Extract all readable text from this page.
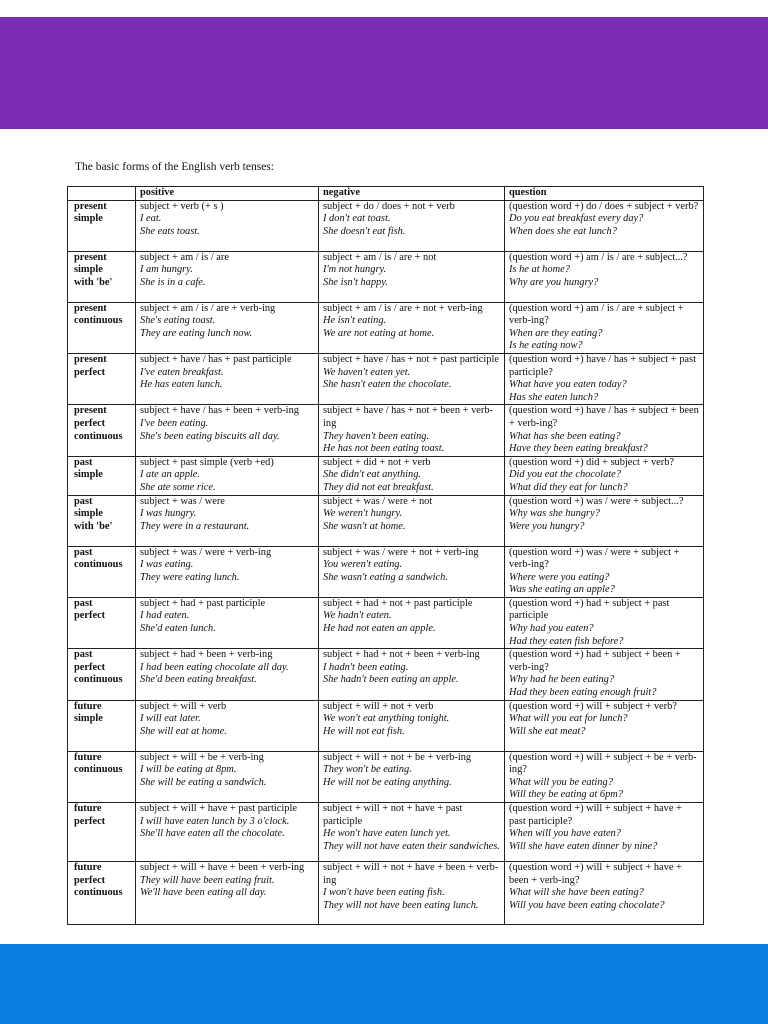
The basic forms of the English verb tenses:
	positive	negative	question

present
simple	subject + verb (+ s )
I eat.
She eats toast.	subject + do / does + not + verb
I don't eat toast.
She doesn't eat fish.	(question word +) do / does + subject + verb?
Do you eat breakfast every day?
When does she eat lunch?

present
simple
with 'be'	subject + am / is / are
I am hungry.
She is in a cafe.	subject + am / is / are + not
I'm not hungry.
She isn't happy.	(question word +) am / is / are + subject...?
Is he at home?
Why are you hungry?

present
continuous	subject + am / is / are + verb-ing
She's eating toast.
They are eating lunch now.	subject + am / is / are + not + verb-ing
He isn't eating.
We are not eating at home.	(question word +) am / is / are + subject + verb-ing?
When are they eating?
Is he eating now?

present
perfect	subject + have / has + past participle
I've eaten breakfast.
He has eaten lunch.	subject + have / has + not + past participle
We haven't eaten yet.
She hasn't eaten the chocolate.	(question word +) have / has + subject + past participle?
What have you eaten today?
Has she eaten lunch?

present
perfect
continuous	subject + have / has + been + verb-ing
I've been eating.
She's been eating biscuits all day.	subject + have / has + not + been + verb-ing
They haven't been eating.
He has not been eating toast.	(question word +) have / has + subject + been + verb-ing?
What has she been eating?
Have they been eating breakfast?

past
simple	subject + past simple (verb +ed)
I ate an apple.
She ate some rice.	subject + did + not + verb
She didn't eat anything.
They did not eat breakfast.	(question word +) did + subject + verb?
Did you eat the chocolate?
What did they eat for lunch?

past
simple
with 'be'	subject + was / were
I was hungry.
They were in a restaurant.	subject + was / were + not
We weren't hungry.
She wasn't at home.	(question word +) was / were + subject...?
Why was she hungry?
Were you hungry?

past
continuous	subject + was / were + verb-ing
I was eating.
They were eating lunch.	subject + was / were + not + verb-ing
You weren't eating.
She wasn't eating a sandwich.	(question word +) was / were + subject + verb-ing?
Where were you eating?
Was she eating an apple?

past
perfect	subject + had + past participle
I had eaten.
She'd eaten lunch.	subject + had + not + past participle
We hadn't eaten.
He had not eaten an apple.	(question word +) had + subject + past participle
Why had you eaten?
Had they eaten fish before?

past
perfect
continuous	subject + had + been + verb-ing
I had been eating chocolate all day.
She'd been eating breakfast.	subject + had + not + been + verb-ing
I hadn't been eating.
She hadn't been eating an apple.	(question word +) had + subject + been + verb-ing?
Why had he been eating?
Had they been eating enough fruit?

future
simple	subject + will + verb
I will eat later.
She will eat at home.	subject + will + not + verb
We won't eat anything tonight.
He will not eat fish.	(question word +) will + subject + verb?
What will you eat for lunch?
Will she eat meat?

future
continuous	subject + will + be + verb-ing
I will be eating at 8pm.
She will be eating a sandwich.	subject + will + not + be + verb-ing
They won't be eating.
He will not be eating anything.	(question word +) will + subject + be + verb-ing?
What will you be eating?
Will they be eating at 6pm?

future
perfect	subject + will + have + past participle
I will have eaten lunch by 3 o'clock.
She'll have eaten all the chocolate.	subject + will + not + have + past participle
He won't have eaten lunch yet.
They will not have eaten their sandwiches.	(question word +) will + subject + have + past participle?
When will you have eaten?
Will she have eaten dinner by nine?

future
perfect
continuous	subject + will + have + been + verb-ing
They will have been eating fruit.
We'll have been eating all day.	subject + will + not + have + been + verb-ing
I won't have been eating fish.
They will not have been eating lunch.	(question word +) will + subject + have + been + verb-ing?
What will she have been eating?
Will you have been eating chocolate?
